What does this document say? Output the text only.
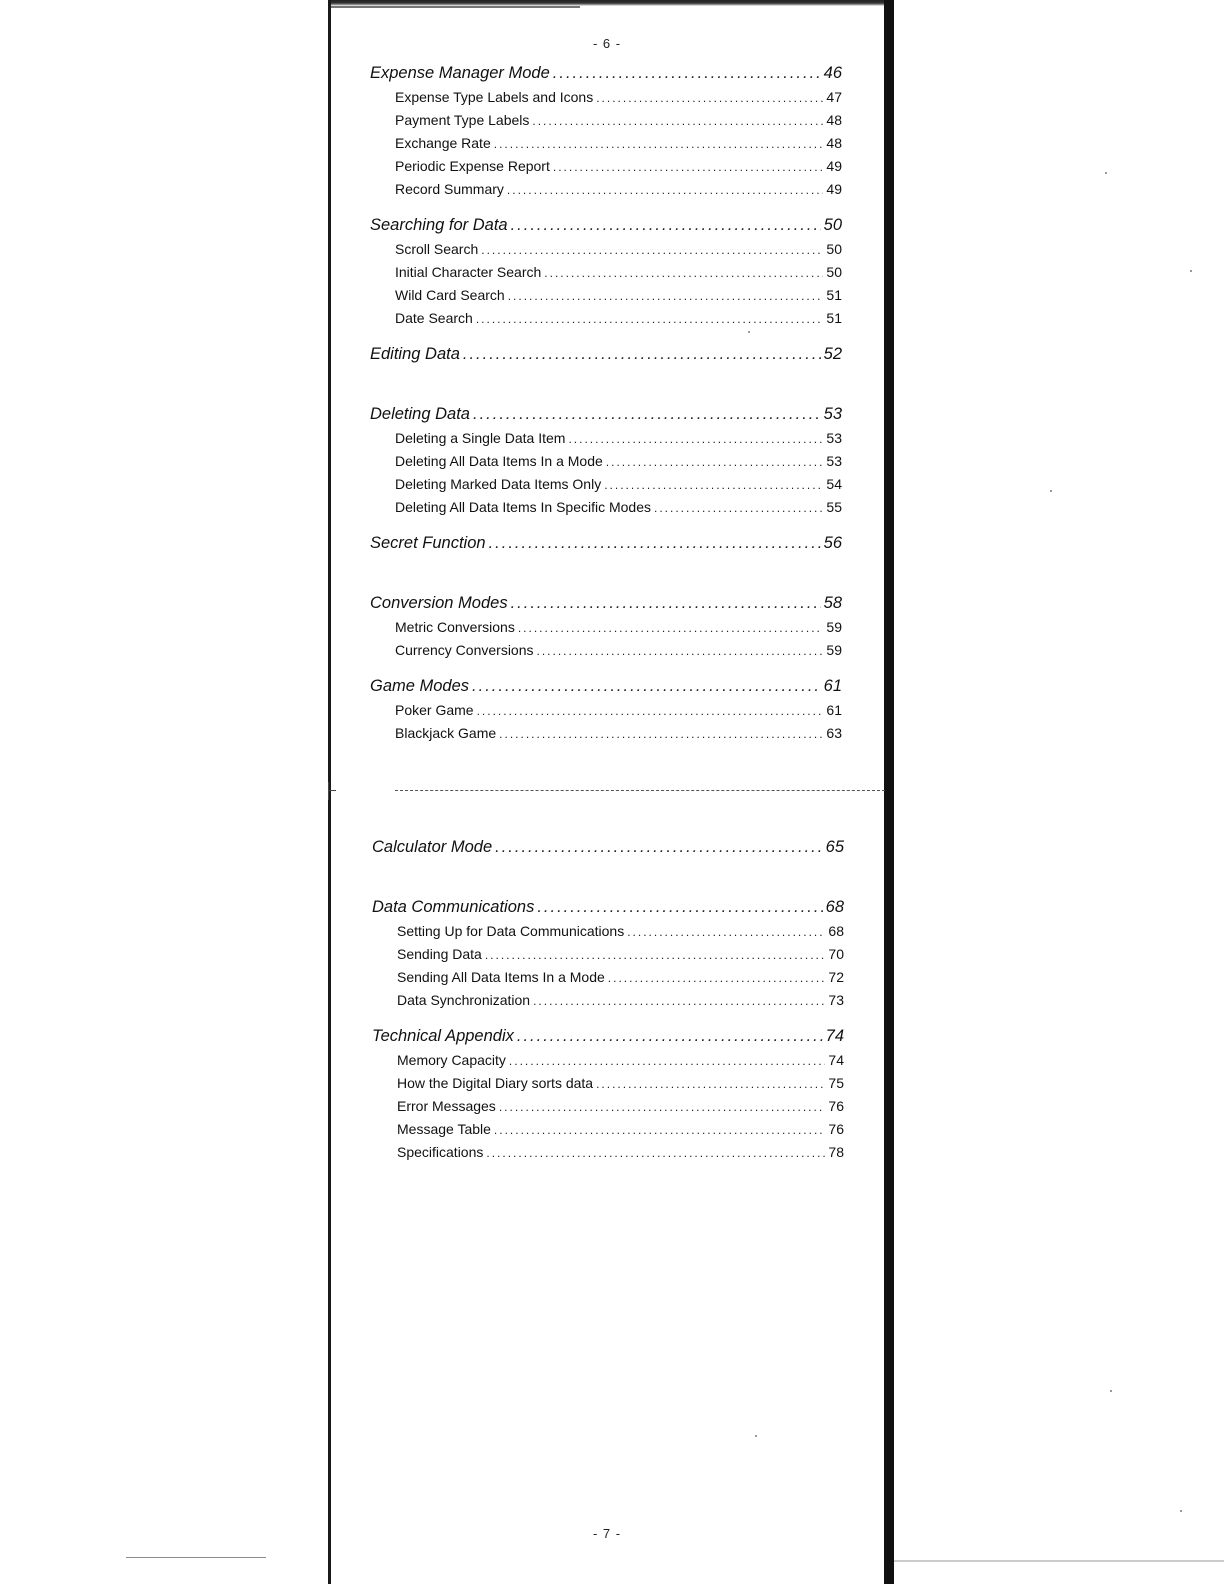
- 6 -
- 7 -
Expense Manager Mode .....	46
Expense Type Labels and Icons .....	47
Payment Type Labels .....	48
Exchange Rate .....	48
Periodic Expense Report .....	49
Record Summary .....	49
Searching for Data .....	50
Scroll Search .....	50
Initial Character Search .....	50
Wild Card Search .....	51
Date Search .....	51
Editing Data .....	52
Deleting Data .....	53
Deleting a Single Data Item .....	53
Deleting All Data Items In a Mode .....	53
Deleting Marked Data Items Only .....	54
Deleting All Data Items In Specific Modes .....	55
Secret Function .....	56
Conversion Modes .....	58
Metric Conversions .....	59
Currency Conversions .....	59
Game Modes .....	61
Poker Game .....	61
Blackjack Game .....	63
Calculator Mode .....	65
Data Communications .....	68
Setting Up for Data Communications .....	68
Sending Data .....	70
Sending All Data Items In a Mode .....	72
Data Synchronization .....	73
Technical Appendix .....	74
Memory Capacity .....	74
How the Digital Diary sorts data .....	75
Error Messages .....	76
Message Table .....	76
Specifications .....	78
